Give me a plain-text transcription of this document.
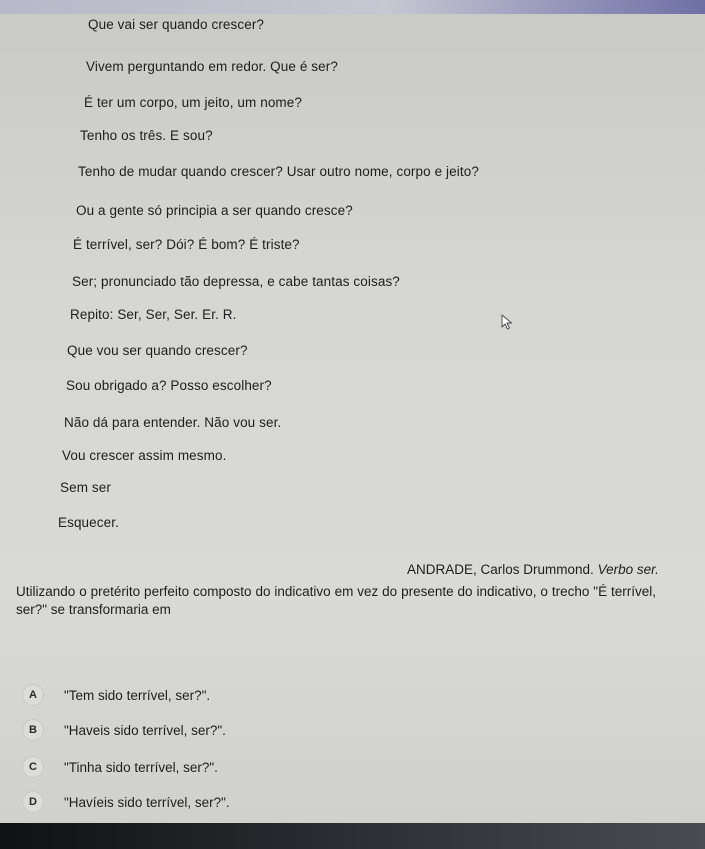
Que vai ser quando crescer?
Vivem perguntando em redor. Que é ser?
É ter um corpo, um jeito, um nome?
Tenho os três. E sou?
Tenho de mudar quando crescer? Usar outro nome, corpo e jeito?
Ou a gente só principia a ser quando cresce?
É terrível, ser? Dói? É bom? É triste?
Ser; pronunciado tão depressa, e cabe tantas coisas?
Repito: Ser, Ser, Ser. Er. R.
Que vou ser quando crescer?
Sou obrigado a? Posso escolher?
Não dá para entender. Não vou ser.
Vou crescer assim mesmo.
Sem ser
Esquecer.
ANDRADE, Carlos Drummond. Verbo ser.
Utilizando o pretérito perfeito composto do indicativo em vez do presente do indicativo, o trecho "É terrível, ser?" se transformaria em
A	"Tem sido terrível, ser?".
B	"Haveis sido terrível, ser?".
C	"Tinha sido terrível, ser?".
D	"Havíeis sido terrível, ser?".
